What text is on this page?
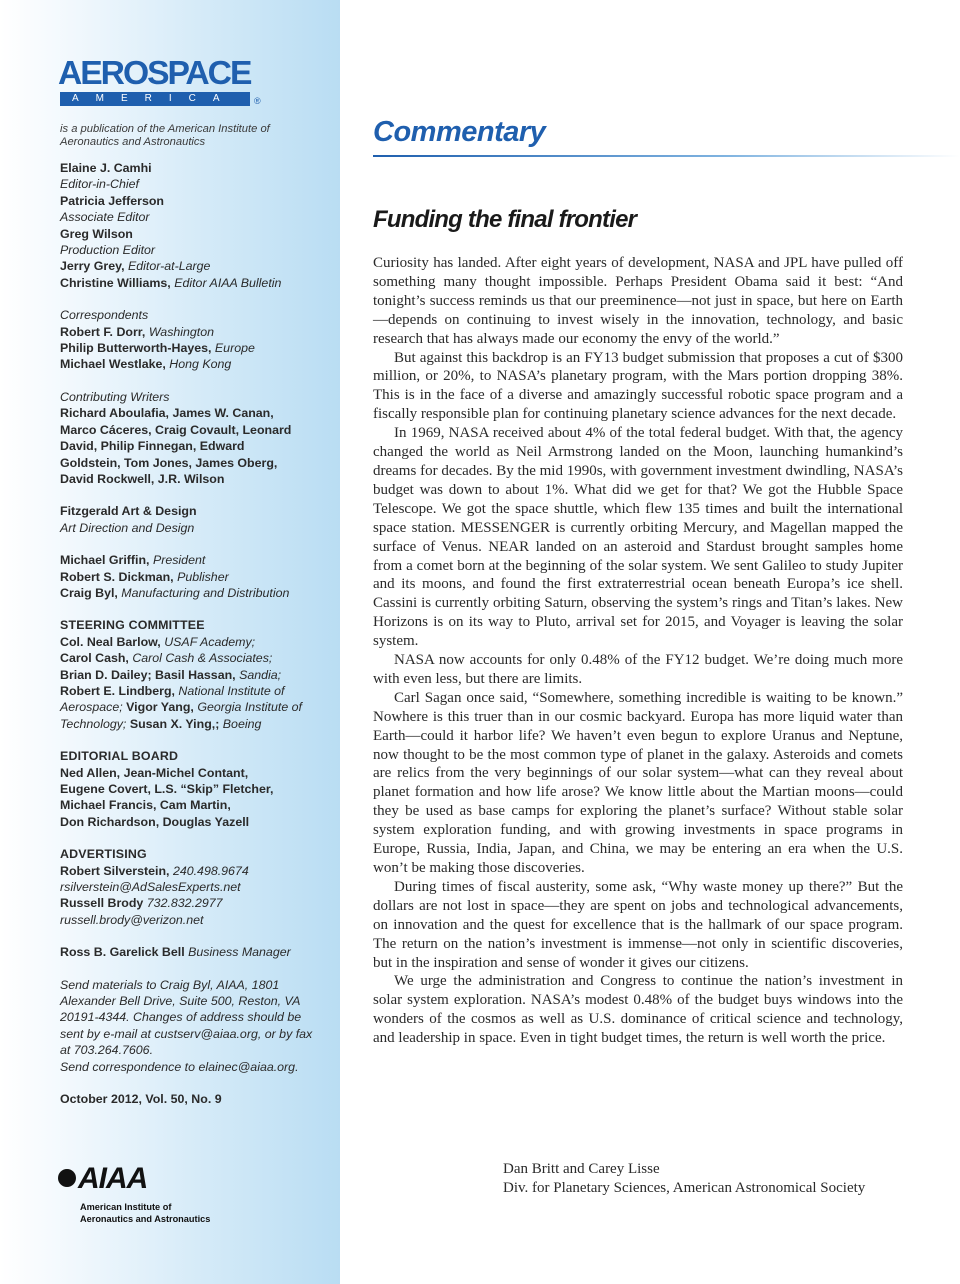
AEROSPACE
AMERICA	®
is a publication of the American Institute of Aeronautics and Astronautics
Elaine J. Camhi
Editor-in-Chief
Patricia Jefferson
Associate Editor
Greg Wilson
Production Editor
Jerry Grey, Editor-at-Large
Christine Williams, Editor AIAA Bulletin
Correspondents
Robert F. Dorr, Washington
Philip Butterworth-Hayes, Europe
Michael Westlake, Hong Kong
Contributing Writers
Richard Aboulafia, James W. Canan,
Marco Cáceres, Craig Covault, Leonard
David, Philip Finnegan, Edward
Goldstein, Tom Jones, James Oberg,
David Rockwell, J.R. Wilson
Fitzgerald Art & Design
Art Direction and Design
Michael Griffin, President
Robert S. Dickman, Publisher
Craig Byl, Manufacturing and Distribution
STEERING COMMITTEE
Col. Neal Barlow, USAF Academy;
Carol Cash, Carol Cash & Associates;
Brian D. Dailey; Basil Hassan, Sandia;
Robert E. Lindberg, National Institute of
Aerospace; Vigor Yang, Georgia Institute of
Technology; Susan X. Ying,; Boeing
EDITORIAL BOARD
Ned Allen, Jean-Michel Contant,
Eugene Covert, L.S. “Skip” Fletcher,
Michael Francis, Cam Martin,
Don Richardson, Douglas Yazell
ADVERTISING
Robert Silverstein, 240.498.9674
rsilverstein@AdSalesExperts.net
Russell Brody 732.832.2977
russell.brody@verizon.net
Ross B. Garelick Bell Business Manager
Send materials to Craig Byl, AIAA, 1801
Alexander Bell Drive, Suite 500, Reston, VA
20191-4344. Changes of address should be
sent by e-mail at custserv@aiaa.org, or by fax
at 703.264.7606.
Send correspondence to elainec@aiaa.org.
October 2012, Vol. 50, No. 9
AIAA
American Institute of
Aeronautics and Astronautics
Commentary
Funding the final frontier

Curiosity has landed. After eight years of development, NASA and JPL have pulled off something many thought impossible. Perhaps President Obama said it best: “And tonight’s success reminds us that our preeminence—not just in space, but here on Earth—depends on continuing to invest wisely in the innovation, technology, and basic research that has always made our economy the envy of the world.”

But against this backdrop is an FY13 budget submission that proposes a cut of $300 million, or 20%, to NASA’s planetary program, with the Mars portion dropping 38%. This is in the face of a diverse and amazingly successful robotic space program and a fiscally responsible plan for continuing planetary science advances for the next decade.

In 1969, NASA received about 4% of the total federal budget. With that, the agency changed the world as Neil Armstrong landed on the Moon, launching humankind’s dreams for decades. By the mid 1990s, with government investment dwindling, NASA’s budget was down to about 1%. What did we get for that? We got the Hubble Space Telescope. We got the space shuttle, which flew 135 times and built the international space station. MESSENGER is currently orbiting Mercury, and Magellan mapped the surface of Venus. NEAR landed on an asteroid and Stardust brought samples home from a comet born at the beginning of the solar system. We sent Galileo to study Jupiter and its moons, and found the first extraterrestrial ocean beneath Europa’s ice shell. Cassini is currently orbiting Saturn, observing the system’s rings and Titan’s lakes. New Horizons is on its way to Pluto, arrival set for 2015, and Voyager is leaving the solar system.

NASA now accounts for only 0.48% of the FY12 budget. We’re doing much more with even less, but there are limits.

Carl Sagan once said, “Somewhere, something incredible is waiting to be known.” Nowhere is this truer than in our cosmic backyard. Europa has more liquid water than Earth—could it harbor life? We haven’t even begun to explore Uranus and Neptune, now thought to be the most common type of planet in the galaxy. Asteroids and comets are relics from the very beginnings of our solar system—what can they reveal about planet formation and how life arose? We know little about the Martian moons—could they be used as base camps for exploring the planet’s surface? Without stable solar system exploration funding, and with growing investments in space programs in Europe, Russia, India, Japan, and China, we may be entering an era when the U.S. won’t be making those discoveries.

During times of fiscal austerity, some ask, “Why waste money up there?” But the dollars are not lost in space—they are spent on jobs and technological advancements, on innovation and the quest for excellence that is the hallmark of our space program. The return on the nation’s investment is immense—not only in scientific discoveries, but in the inspiration and sense of wonder it gives our citizens.

We urge the administration and Congress to continue the nation’s investment in solar system exploration. NASA’s modest 0.48% of the budget buys windows into the wonders of the cosmos as well as U.S. dominance of critical science and technology, and leadership in space. Even in tight budget times, the return is well worth the price.

Dan Britt and Carey Lisse
Div. for Planetary Sciences, American Astronomical Society
